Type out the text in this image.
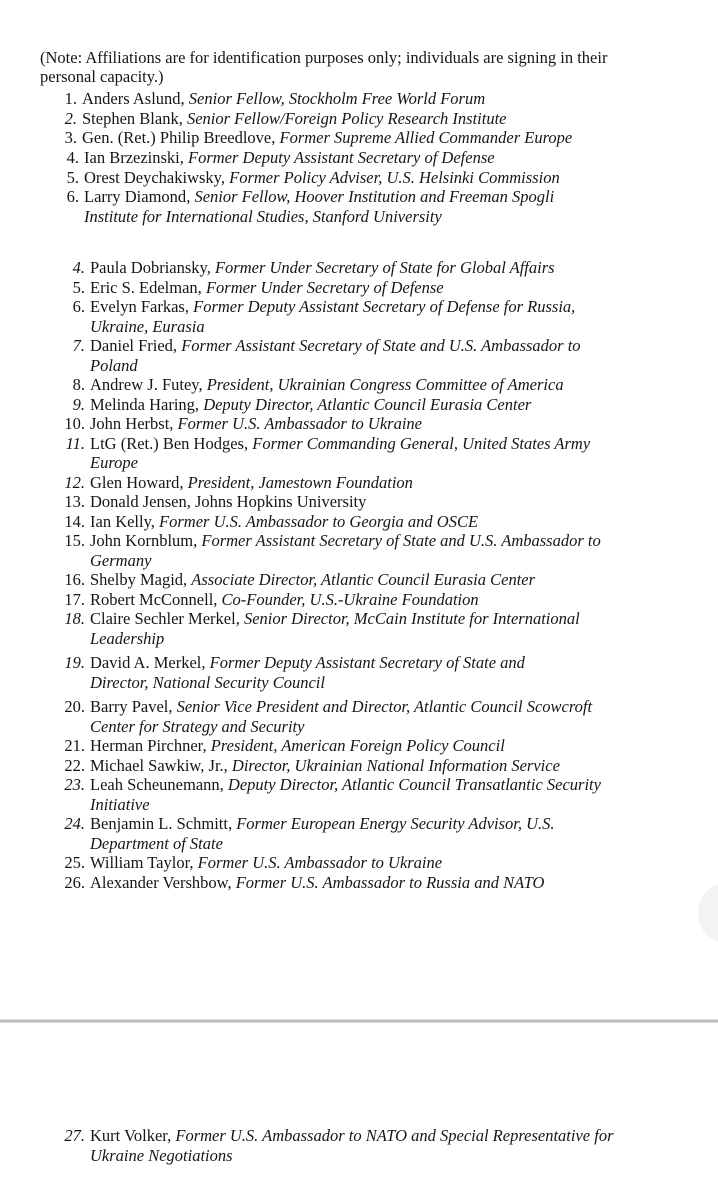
(Note: Affiliations are for identification purposes only; individuals are signing in their
personal capacity.)

1. Anders Aslund, Senior Fellow, Stockholm Free World Forum
2. Stephen Blank, Senior Fellow/Foreign Policy Research Institute
3. Gen. (Ret.) Philip Breedlove, Former Supreme Allied Commander Europe
4. Ian Brzezinski, Former Deputy Assistant Secretary of Defense
5. Orest Deychakiwsky, Former Policy Adviser, U.S. Helsinki Commission
6. Larry Diamond, Senior Fellow, Hoover Institution and Freeman Spogli
Institute for International Studies, Stanford University
4. Paula Dobriansky, Former Under Secretary of State for Global Affairs
5. Eric S. Edelman, Former Under Secretary of Defense
6. Evelyn Farkas, Former Deputy Assistant Secretary of Defense for Russia,
Ukraine, Eurasia
7. Daniel Fried, Former Assistant Secretary of State and U.S. Ambassador to
Poland
8. Andrew J. Futey, President, Ukrainian Congress Committee of America
9. Melinda Haring, Deputy Director, Atlantic Council Eurasia Center
10. John Herbst, Former U.S. Ambassador to Ukraine
11. LtG (Ret.) Ben Hodges, Former Commanding General, United States Army
Europe
12. Glen Howard, President, Jamestown Foundation
13. Donald Jensen, Johns Hopkins University
14. Ian Kelly, Former U.S. Ambassador to Georgia and OSCE
15. John Kornblum, Former Assistant Secretary of State and U.S. Ambassador to
Germany
16. Shelby Magid, Associate Director, Atlantic Council Eurasia Center
17. Robert McConnell, Co-Founder, U.S.-Ukraine Foundation
18. Claire Sechler Merkel, Senior Director, McCain Institute for International
Leadership
19. David A. Merkel, Former Deputy Assistant Secretary of State and
Director, National Security Council
20. Barry Pavel, Senior Vice President and Director, Atlantic Council Scowcroft
Center for Strategy and Security
21. Herman Pirchner, President, American Foreign Policy Council
22. Michael Sawkiw, Jr., Director, Ukrainian National Information Service
23. Leah Scheunemann, Deputy Director, Atlantic Council Transatlantic Security
Initiative
24. Benjamin L. Schmitt, Former European Energy Security Advisor, U.S.
Department of State
25. William Taylor, Former U.S. Ambassador to Ukraine
26. Alexander Vershbow, Former U.S. Ambassador to Russia and NATO
27. Kurt Volker, Former U.S. Ambassador to NATO and Special Representative for
Ukraine Negotiations
